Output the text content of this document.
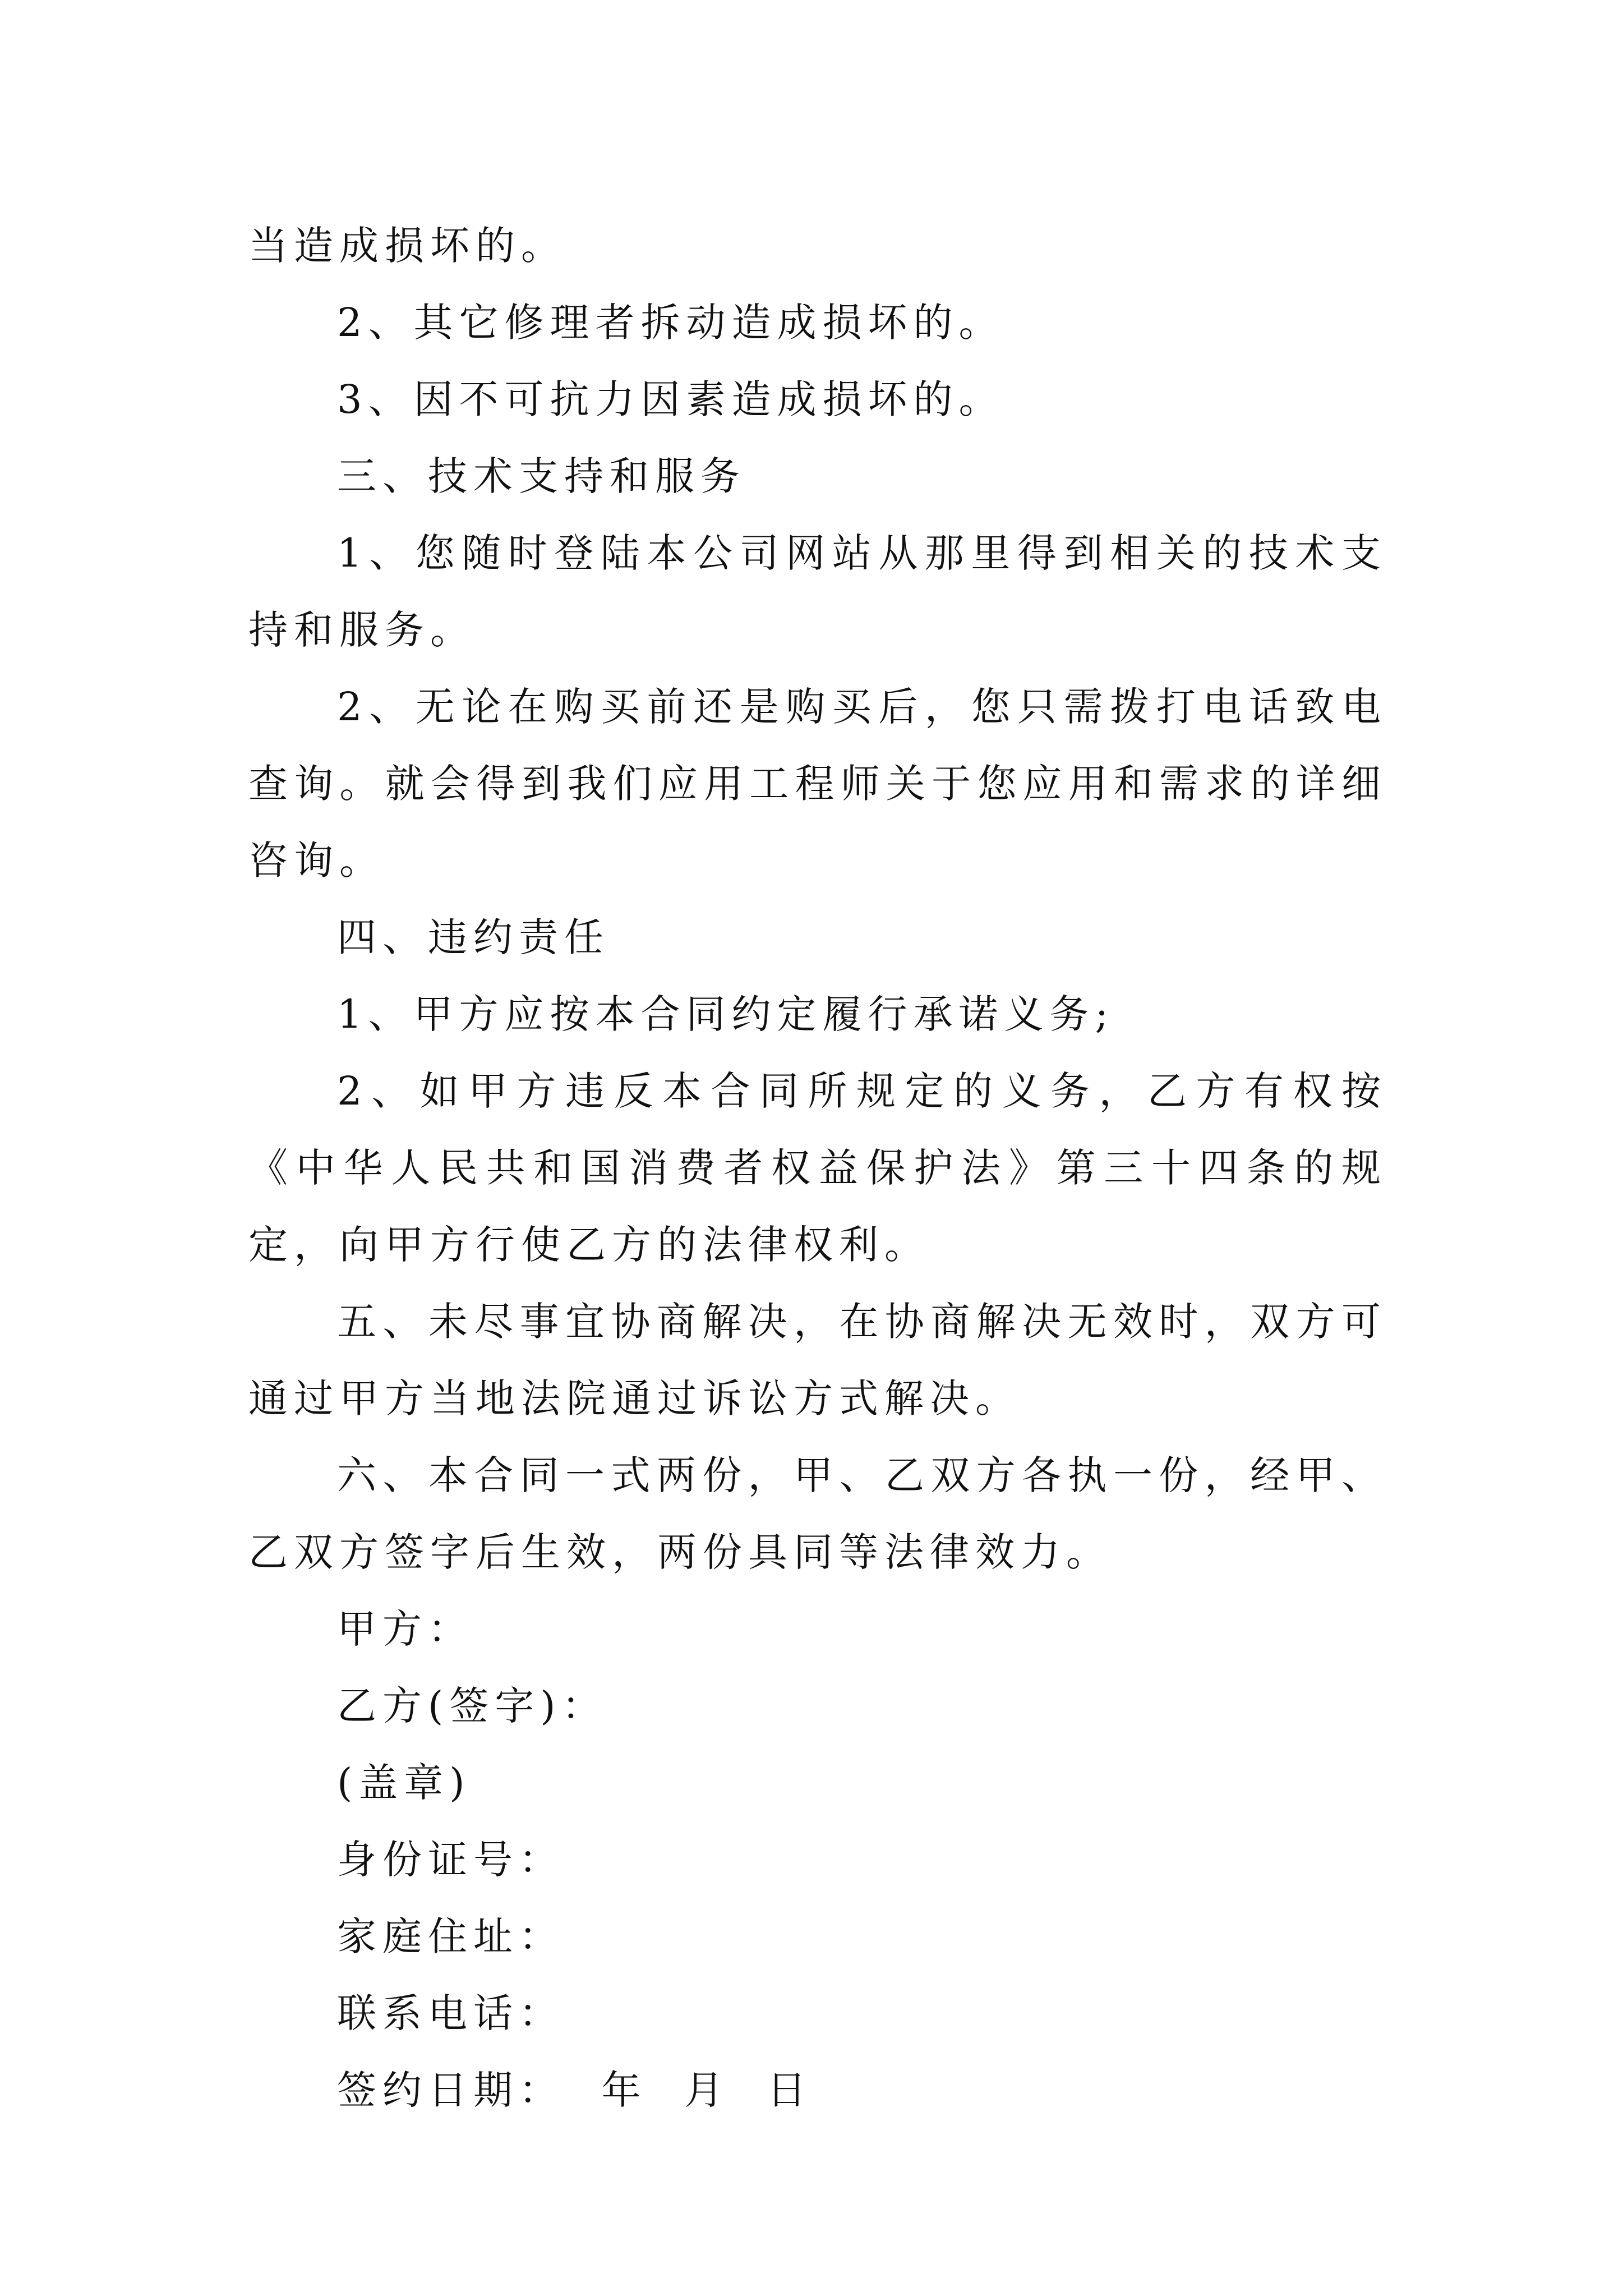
当造成损坏的。

2、其它修理者拆动造成损坏的。

3、因不可抗力因素造成损坏的。

三、技术支持和服务

1、您随时登陆本公司网站从那里得到相关的技术支持和服务。

2、无论在购买前还是购买后，您只需拨打电话致电查询。就会得到我们应用工程师关于您应用和需求的详细咨询。

四、违约责任

1、甲方应按本合同约定履行承诺义务;

2、如甲方违反本合同所规定的义务，乙方有权按《中华人民共和国消费者权益保护法》第三十四条的规定，向甲方行使乙方的法律权利。

五、未尽事宜协商解决，在协商解决无效时，双方可通过甲方当地法院通过诉讼方式解决。

六、本合同一式两份，甲、乙双方各执一份，经甲、乙双方签字后生效，两份具同等法律效力。

甲方：

乙方(签字)：

(盖章)

身份证号：

家庭住址：

联系电话：

签约日期：  年  月  日
